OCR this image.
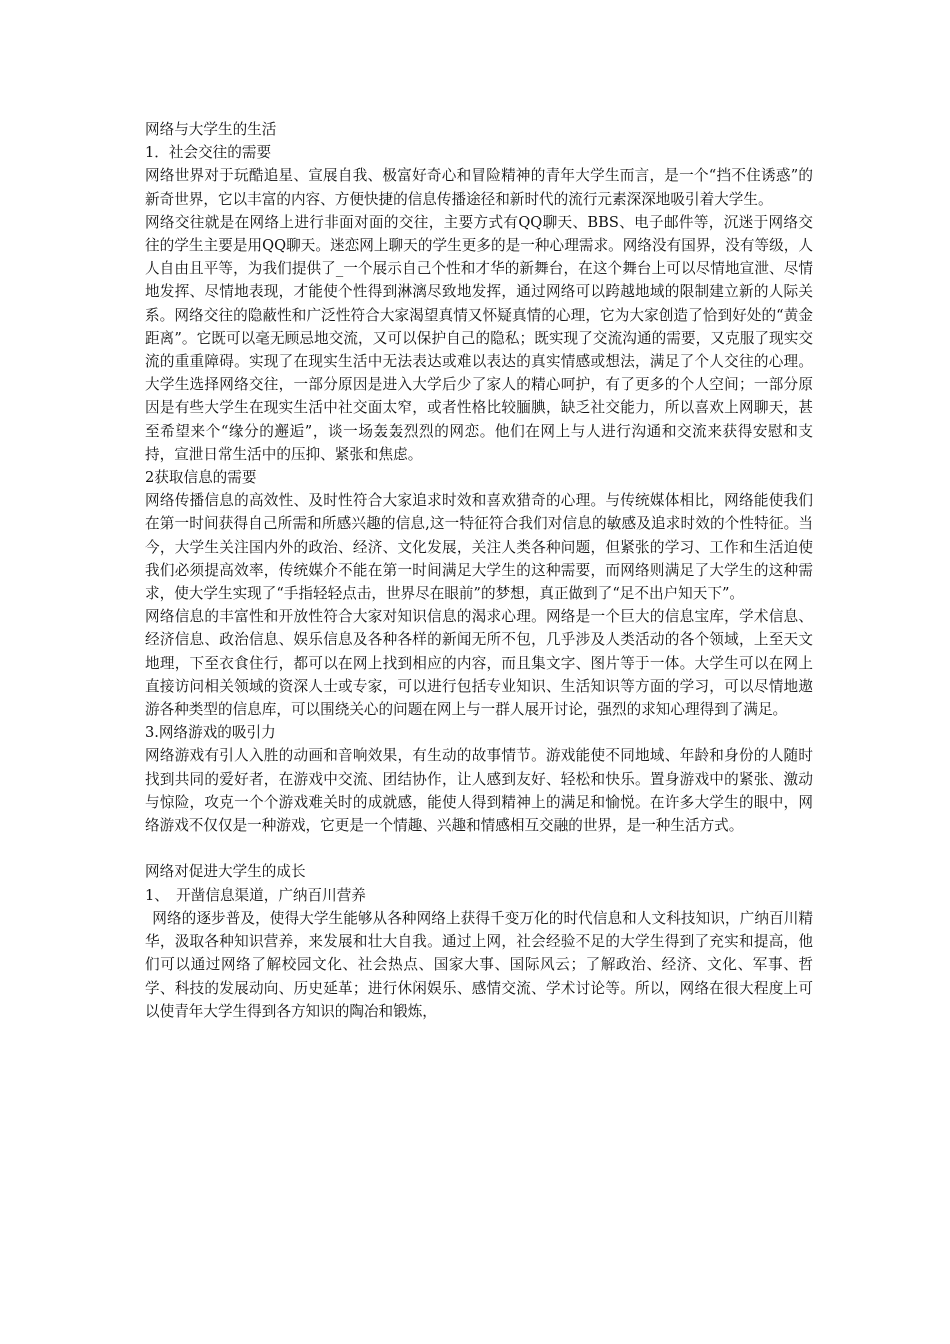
网络与大学生的生活

1．社会交往的需要

网络世界对于玩酷追星、宣展自我、极富好奇心和冒险精神的青年大学生而言，是一个“挡不住诱惑”的新奇世界，它以丰富的内容、方便快捷的信息传播途径和新时代的流行元素深深地吸引着大学生。

网络交往就是在网络上进行非面对面的交往，主要方式有QQ聊天、BBS、电子邮件等，沉迷于网络交往的学生主要是用QQ聊天。迷恋网上聊天的学生更多的是一种心理需求。网络没有国界，没有等级，人人自由且平等，为我们提供了_一个展示自己个性和才华的新舞台，在这个舞台上可以尽情地宣泄、尽情地发挥、尽情地表现，才能使个性得到淋漓尽致地发挥，通过网络可以跨越地域的限制建立新的人际关系。网络交往的隐蔽性和广泛性符合大家渴望真情又怀疑真情的心理，它为大家创造了恰到好处的“黄金距离”。它既可以毫无顾忌地交流，又可以保护自己的隐私；既实现了交流沟通的需要，又克服了现实交流的重重障碍。实现了在现实生活中无法表达或难以表达的真实情感或想法，满足了个人交往的心理。大学生选择网络交往，一部分原因是进入大学后少了家人的精心呵护，有了更多的个人空间；一部分原因是有些大学生在现实生活中社交面太窄，或者性格比较腼腆，缺乏社交能力，所以喜欢上网聊天，甚至希望来个“缘分的邂逅”，谈一场轰轰烈烈的网恋。他们在网上与人进行沟通和交流来获得安慰和支持，宣泄日常生活中的压抑、紧张和焦虑。

2获取信息的需要

网络传播信息的高效性、及时性符合大家追求时效和喜欢猎奇的心理。与传统媒体相比，网络能使我们在第一时间获得自己所需和所感兴趣的信息,这一特征符合我们对信息的敏感及追求时效的个性特征。当今，大学生关注国内外的政治、经济、文化发展，关注人类各种问题，但紧张的学习、工作和生活迫使我们必须提高效率，传统媒介不能在第一时间满足大学生的这种需要，而网络则满足了大学生的这种需求，使大学生实现了“手指轻轻点击，世界尽在眼前”的梦想，真正做到了“足不出户知天下”。

网络信息的丰富性和开放性符合大家对知识信息的渴求心理。网络是一个巨大的信息宝库，学术信息、经济信息、政治信息、娱乐信息及各种各样的新闻无所不包，几乎涉及人类活动的各个领域，上至天文地理，下至衣食住行，都可以在网上找到相应的内容，而且集文字、图片等于一体。大学生可以在网上直接访问相关领域的资深人士或专家，可以进行包括专业知识、生活知识等方面的学习，可以尽情地遨游各种类型的信息库，可以围绕关心的问题在网上与一群人展开讨论，强烈的求知心理得到了满足。

3.网络游戏的吸引力

网络游戏有引人入胜的动画和音响效果，有生动的故事情节。游戏能使不同地域、年龄和身份的人随时找到共同的爱好者，在游戏中交流、团结协作，让人感到友好、轻松和快乐。置身游戏中的紧张、激动与惊险，攻克一个个游戏难关时的成就感，能使人得到精神上的满足和愉悦。在许多大学生的眼中，网络游戏不仅仅是一种游戏，它更是一个情趣、兴趣和情感相互交融的世界，是一种生活方式。

网络对促进大学生的成长

1、　开凿信息渠道，广纳百川营养

网络的逐步普及，使得大学生能够从各种网络上获得千变万化的时代信息和人文科技知识，广纳百川精华，汲取各种知识营养，来发展和壮大自我。通过上网，社会经验不足的大学生得到了充实和提高，他们可以通过网络了解校园文化、社会热点、国家大事、国际风云；了解政治、经济、文化、军事、哲学、科技的发展动向、历史延革；进行休闲娱乐、感情交流、学术讨论等。所以，网络在很大程度上可以使青年大学生得到各方知识的陶冶和锻炼，
